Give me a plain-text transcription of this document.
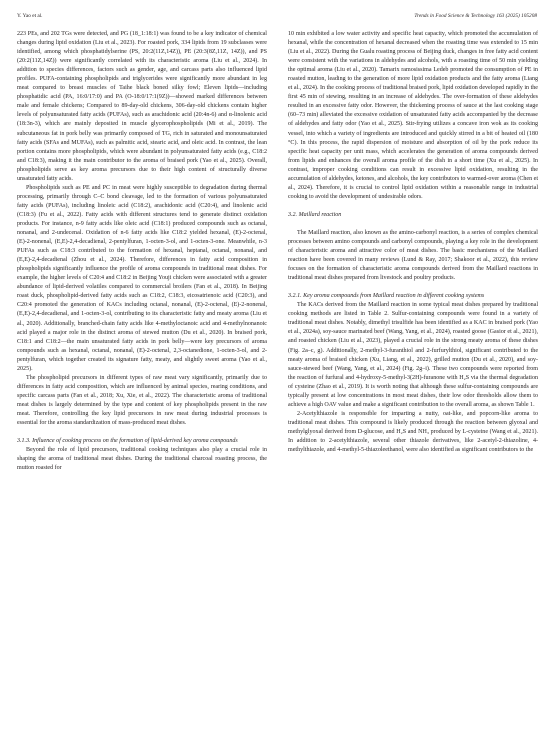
Y. Yao et al.	Trends in Food Science & Technology 163 (2025) 105208

223 PEs, and 202 TGs were detected, and PG (18_1:18:1) was found to be a key indicator of chemical changes during lipid oxidation (Liu et al., 2023). For roasted pork, 334 lipids from 19 subclasses were identified, among which phosphatidylserine (PS, 20:2(11Z,14Z)), PE (20:3(8Z,11Z, 14Z)), and PS (20:2(11Z,14Z)) were significantly correlated with its characteristic aroma (Liu et al., 2024). In addition to species differences, factors such as gender, age, and carcass parts also influenced lipid profiles. PUFA-containing phospholipids and triglycerides were significantly more abundant in leg meat compared to breast muscles of Taihe black boned silky fowl; Eleven lipids—including phosphatidic acid (PA, 16:0/17:0) and PA (O-18:0/17:1(9Z))—showed marked differences between male and female chickens; Compared to 89-day-old chickens, 306-day-old chickens contain higher levels of polyunsaturated fatty acids (PUFAs), such as arachidonic acid (20:4n-6) and α-linolenic acid (18:3n-3), which are mainly deposited in muscle glycerophospholipids (Mi et al., 2019). The subcutaneous fat in pork belly was primarily composed of TG, rich in saturated and monounsaturated fatty acids (SFAs and MUFAs), such as palmitic acid, stearic acid, and oleic acid. In contrast, the lean portion contains more phospholipids, which were abundant in polyunsaturated fatty acids (e.g., C18:2 and C18:3), making it the main contributor to the aroma of braised pork (Yao et al., 2025). Overall, phospholipids serve as key aroma precursors due to their high content of structurally diverse unsaturated fatty acids.

Phospholipids such as PE and PC in meat were highly susceptible to degradation during thermal processing, primarily through C–C bond cleavage, led to the formation of various polyunsaturated fatty acids (PUFAs), including linoleic acid (C18:2), arachidonic acid (C20:4), and linolenic acid (C18:3) (Fu et al., 2022). Fatty acids with different structures tend to generate distinct oxidation products. For instance, n-9 fatty acids like oleic acid (C18:1) produced compounds such as octanal, nonanal, and 2-undecenal. Oxidation of n-6 fatty acids like C18:2 yielded hexanal, (E)-2-octenal, (E)-2-nonenal, (E,E)-2,4-decadienal, 2-pentylfuran, 1-octen-3-ol, and 1-octen-3-one. Meanwhile, n-3 PUFAs such as C18:3 contributed to the formation of hexanal, heptanal, octanal, nonanal, and (E,E)-2,4-decadienal (Zhou et al., 2024). Therefore, differences in fatty acid composition in phospholipids significantly influence the profile of aroma compounds in traditional meat dishes. For example, the higher levels of C20:4 and C18:2 in Beijing Youji chicken were associated with a greater abundance of lipid-derived volatiles compared to commercial broilers (Fan et al., 2018). In Beijing roast duck, phospholipid-derived fatty acids such as C18:2, C18:3, eicosatrienoic acid (C20:3), and C20:4 promoted the generation of KACs including octanal, nonanal, (E)-2-octenal, (E)-2-nonenal, (E,E)-2,4-decadienal, and 1-octen-3-ol, contributing to its characteristic fatty and meaty aroma (Liu et al., 2020). Additionally, branched-chain fatty acids like 4-methyloctanoic acid and 4-methylnonanoic acid played a major role in the distinct aroma of stewed mutton (Du et al., 2020). In braised pork, C18:1 and C18:2—the main unsaturated fatty acids in pork belly—were key precursors of aroma compounds such as hexanal, octanal, nonanal, (E)-2-octenal, 2,3-octanedione, 1-octen-3-ol, and 2-pentylfuran, which together created its signature fatty, meaty, and slightly sweet aroma (Yao et al., 2025).

The phospholipid precursors in different types of raw meat vary significantly, primarily due to differences in fatty acid composition, which are influenced by animal species, rearing conditions, and specific carcass parts (Fan et al., 2018; Xu, Xie, et al., 2022). The characteristic aroma of traditional meat dishes is largely determined by the type and content of key phospholipids present in the raw meat. Therefore, controlling the key lipid precursors in raw meat during industrial processes is essential for the aroma standardization of mass-produced meat dishes.

3.1.3. Influence of cooking process on the formation of lipid-derived key aroma compounds

Beyond the role of lipid precursors, traditional cooking techniques also play a crucial role in shaping the aroma of traditional meat dishes. During the traditional charcoal roasting process, the mutton roasted for

10 min exhibited a low water activity and specific heat capacity, which promoted the accumulation of hexanal, while the concentration of hexanal decreased when the roasting time was extended to 15 min (Liu et al., 2022). During the Gualu roasting process of Beijing duck, changes in free fatty acid content were consistent with the variations in aldehydes and alcohols, with a roasting time of 50 min yielding the optimal aroma (Liu et al., 2020). Tamarix ramosissima Ledeb promoted the consumption of PE in roasted mutton, leading to the generation of more lipid oxidation products and the fatty aroma (Liang et al., 2024). In the cooking process of traditional braised pork, lipid oxidation developed rapidly in the first 45 min of stewing, resulting in an increase of aldehydes. The over-formation of these aldehydes resulted in an excessive fatty odor. However, the thickening process of sauce at the last cooking stage (60–73 min) alleviated the excessive oxidation of unsaturated fatty acids accompanied by the decrease of aldehydes and fatty odor (Yao et al., 2025). Stir-frying utilizes a concave iron wok as its cooking vessel, into which a variety of ingredients are introduced and quickly stirred in a bit of heated oil (180 °C). In this process, the rapid dispersion of moisture and absorption of oil by the pork reduce its specific heat capacity per unit mass, which accelerates the generation of aroma compounds derived from lipids and enhances the overall aroma profile of the dish in a short time (Xu et al., 2025). In contrast, improper cooking conditions can result in excessive lipid oxidation, resulting in the accumulation of aldehydes, ketones, and alcohols, the key contributors to warmed-over aroma (Chen et al., 2024). Therefore, it is crucial to control lipid oxidation within a reasonable range in industrial cooking to avoid the development of undesirable odors.

3.2. Maillard reaction

The Maillard reaction, also known as the amino-carbonyl reaction, is a series of complex chemical processes between amino compounds and carbonyl compounds, playing a key role in the development of characteristic aroma and attractive color of meat dishes. The basic mechanisms of the Maillard reaction have been covered in many reviews (Lund & Ray, 2017; Shakoor et al., 2022), this review focuses on the formation of characteristic aroma compounds derived from the Maillard reactions in traditional meat dishes prepared from livestock and poultry products.

3.2.1. Key aroma compounds from Maillard reaction in different cooking systems

The KACs derived from the Maillard reaction in some typical meat dishes prepared by traditional cooking methods are listed in Table 2. Sulfur-containing compounds were found in a variety of traditional meat dishes. Notably, dimethyl trisulfide has been identified as a KAC in braised pork (Yao et al., 2024a), soy-sauce marinated beef (Wang, Yang, et al., 2024), roasted goose (Gasior et al., 2021), and roasted chicken (Liu et al., 2023), played a crucial role in the strong meaty aroma of these dishes (Fig. 2a–c, g). Additionally, 2-methyl-3-furanthiol and 2-furfurylthiol, significant contributed to the meaty aroma of braised chicken (Xu, Liang, et al., 2022), grilled mutton (Du et al., 2020), and soy-sauce-stewed beef (Wang, Yang, et al., 2024) (Fig. 2g–i). These two compounds were reported from the reaction of furfural and 4-hydroxy-5-methyl-3(2H)-furanone with H₂S via the thermal degradation of cysteine (Zhao et al., 2019). It is worth noting that although these sulfur-containing compounds are typically present at low concentrations in most meat dishes, their low odor thresholds allow them to achieve a high OAV value and make a significant contribution to the overall aroma, as shown Table 1.

2-Acetylthiazole is responsible for imparting a nutty, oat-like, and popcorn-like aroma to traditional meat dishes. This compound is likely produced through the reaction between glyoxal and methylglyoxal derived from D-glucose, and H₂S and NH₃ produced by L-cysteine (Wang et al., 2021). In addition to 2-acetylthiazole, several other thiazole derivatives, like 2-acetyl-2-thiazoline, 4-methylthiazole, and 4-methyl-5-thiazoleethanol, were also identified as significant contributors to the
